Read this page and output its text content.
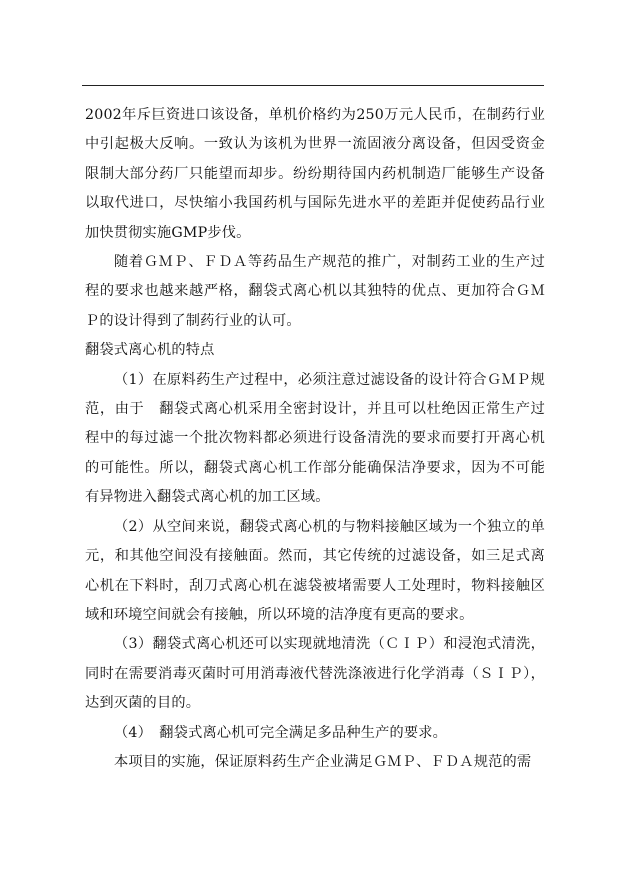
2002年斥巨资进口该设备，单机价格约为250万元人民币，在制药行业中引起极大反响。一致认为该机为世界一流固液分离设备，但因受资金限制大部分药厂只能望而却步。纷纷期待国内药机制造厂能够生产设备以取代进口，尽快缩小我国药机与国际先进水平的差距并促使药品行业加快贯彻实施GMP步伐。

随着ＧＭＰ、ＦＤＡ等药品生产规范的推广，对制药工业的生产过程的要求也越来越严格，翻袋式离心机以其独特的优点、更加符合ＧＭＰ的设计得到了制药行业的认可。

翻袋式离心机的特点

（1）在原料药生产过程中，必须注意过滤设备的设计符合ＧＭＰ规范，由于　翻袋式离心机采用全密封设计，并且可以杜绝因正常生产过程中的每过滤一个批次物料都必须进行设备清洗的要求而要打开离心机的可能性。所以，翻袋式离心机工作部分能确保洁净要求，因为不可能有异物进入翻袋式离心机的加工区域。

（2）从空间来说，翻袋式离心机的与物料接触区域为一个独立的单元，和其他空间没有接触面。然而，其它传统的过滤设备，如三足式离心机在下料时，刮刀式离心机在滤袋被堵需要人工处理时，物料接触区域和环境空间就会有接触，所以环境的洁净度有更高的要求。

（3）翻袋式离心机还可以实现就地清洗（ＣＩＰ）和浸泡式清洗，同时在需要消毒灭菌时可用消毒液代替洗涤液进行化学消毒（ＳＩＰ），达到灭菌的目的。

（4）　翻袋式离心机可完全满足多品种生产的要求。

本项目的实施，保证原料药生产企业满足ＧＭＰ、ＦＤＡ规范的需
